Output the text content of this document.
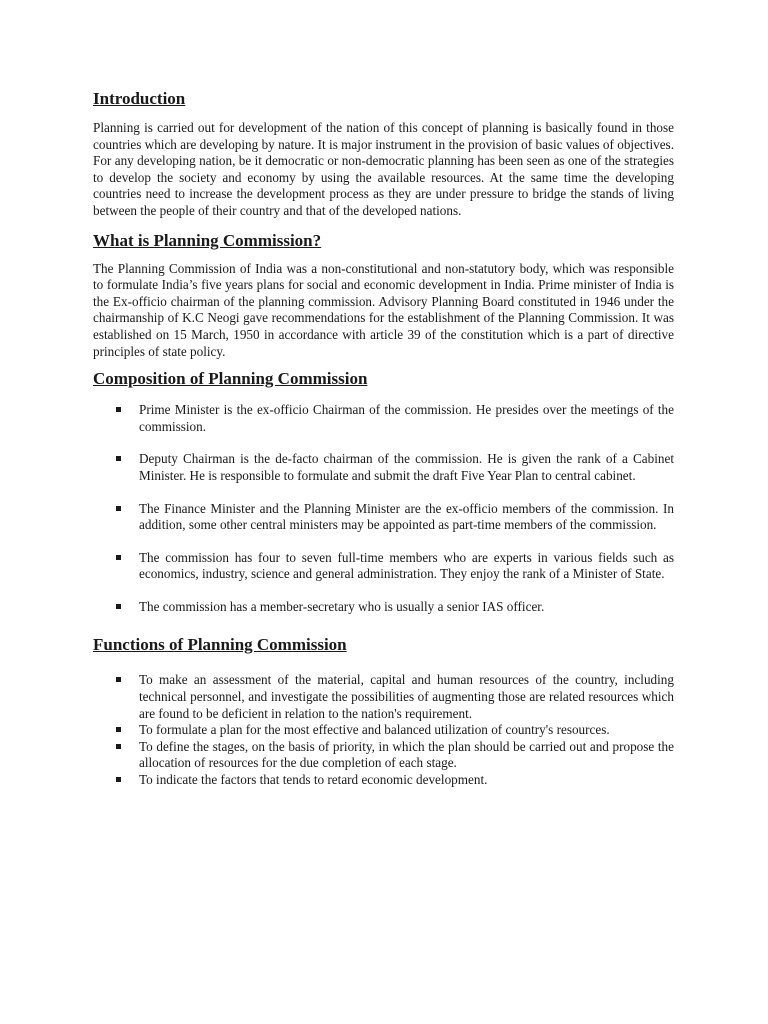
Introduction

Planning is carried out for development of the nation of this concept of planning is basically found in those countries which are developing by nature. It is major instrument in the provision of basic values of objectives. For any developing nation, be it democratic or non-democratic planning has been seen as one of the strategies to develop the society and economy by using the available resources. At the same time the developing countries need to increase the development process as they are under pressure to bridge the stands of living between the people of their country and that of the developed nations.

What is Planning Commission?

The Planning Commission of India was a non-constitutional and non-statutory body, which was responsible to formulate India’s five years plans for social and economic development in India. Prime minister of India is the Ex-officio chairman of the planning commission. Advisory Planning Board constituted in 1946 under the chairmanship of K.C Neogi gave recommendations for the establishment of the Planning Commission. It was established on 15 March, 1950 in accordance with article 39 of the constitution which is a part of directive principles of state policy.

Composition of Planning Commission
Prime Minister is the ex-officio Chairman of the commission. He presides over the meetings of the commission.
Deputy Chairman is the de-facto chairman of the commission. He is given the rank of a Cabinet Minister. He is responsible to formulate and submit the draft Five Year Plan to central cabinet.
The Finance Minister and the Planning Minister are the ex-officio members of the commission. In addition, some other central ministers may be appointed as part-time members of the commission.
The commission has four to seven full-time members who are experts in various fields such as economics, industry, science and general administration. They enjoy the rank of a Minister of State.
The commission has a member-secretary who is usually a senior IAS officer.
Functions of Planning Commission
To make an assessment of the material, capital and human resources of the country, including technical personnel, and investigate the possibilities of augmenting those are related resources which are found to be deficient in relation to the nation's requirement.
To formulate a plan for the most effective and balanced utilization of country's resources.
To define the stages, on the basis of priority, in which the plan should be carried out and propose the allocation of resources for the due completion of each stage.
To indicate the factors that tends to retard economic development.
